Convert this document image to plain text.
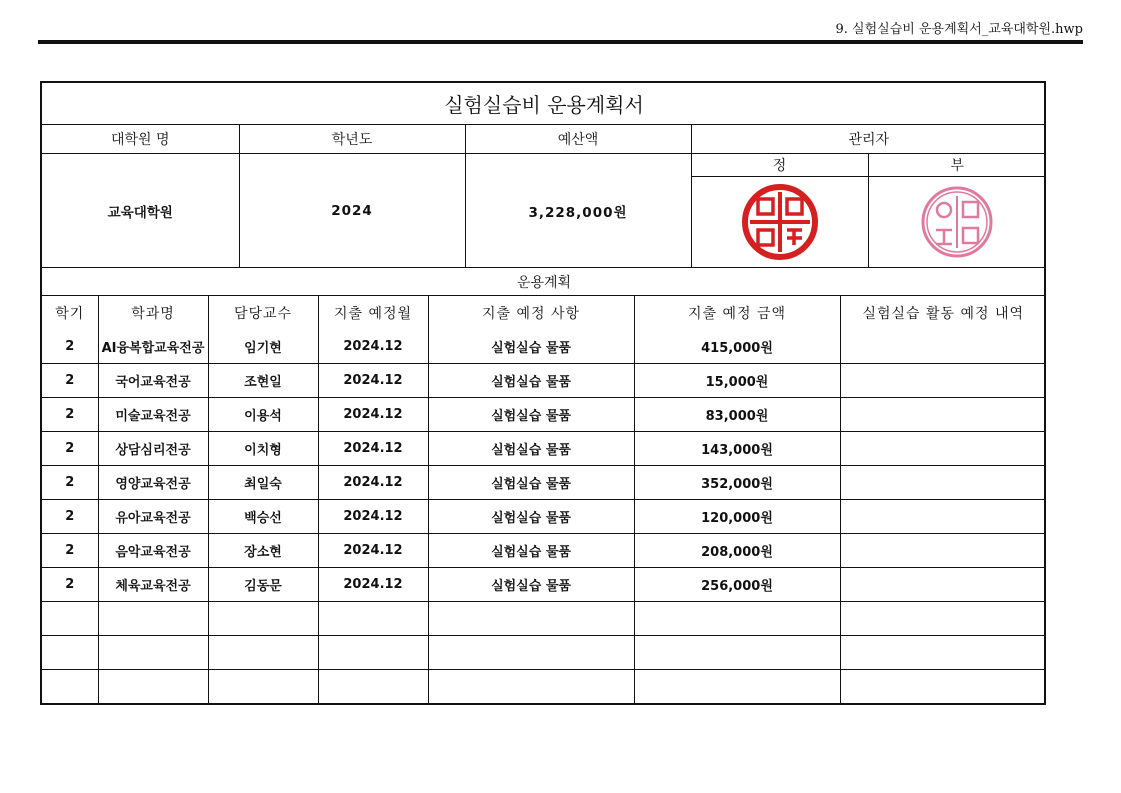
9. 실험실습비 운용계획서_교육대학원.hwp
실험실습비 운용계획서				
대학원 명	학년도	예산액	관리자	
교육대학원	2024	3,228,000원	정	부

운용계획				
학기	학과명	담당교수	지출 예정월	지출 예정 사항	지출 예정 금액	실험실습 활동 예정 내역
2	AI융복합교육전공	임기현	2024.12	실험실습 물품	415,000원	
2	국어교육전공	조현일	2024.12	실험실습 물품	15,000원	
2	미술교육전공	이용석	2024.12	실험실습 물품	83,000원	
2	상담심리전공	이치형	2024.12	실험실습 물품	143,000원	
2	영양교육전공	최일숙	2024.12	실험실습 물품	352,000원	
2	유아교육전공	백승선	2024.12	실험실습 물품	120,000원	
2	음악교육전공	장소현	2024.12	실험실습 물품	208,000원	
2	체육교육전공	김동문	2024.12	실험실습 물품	256,000원	
